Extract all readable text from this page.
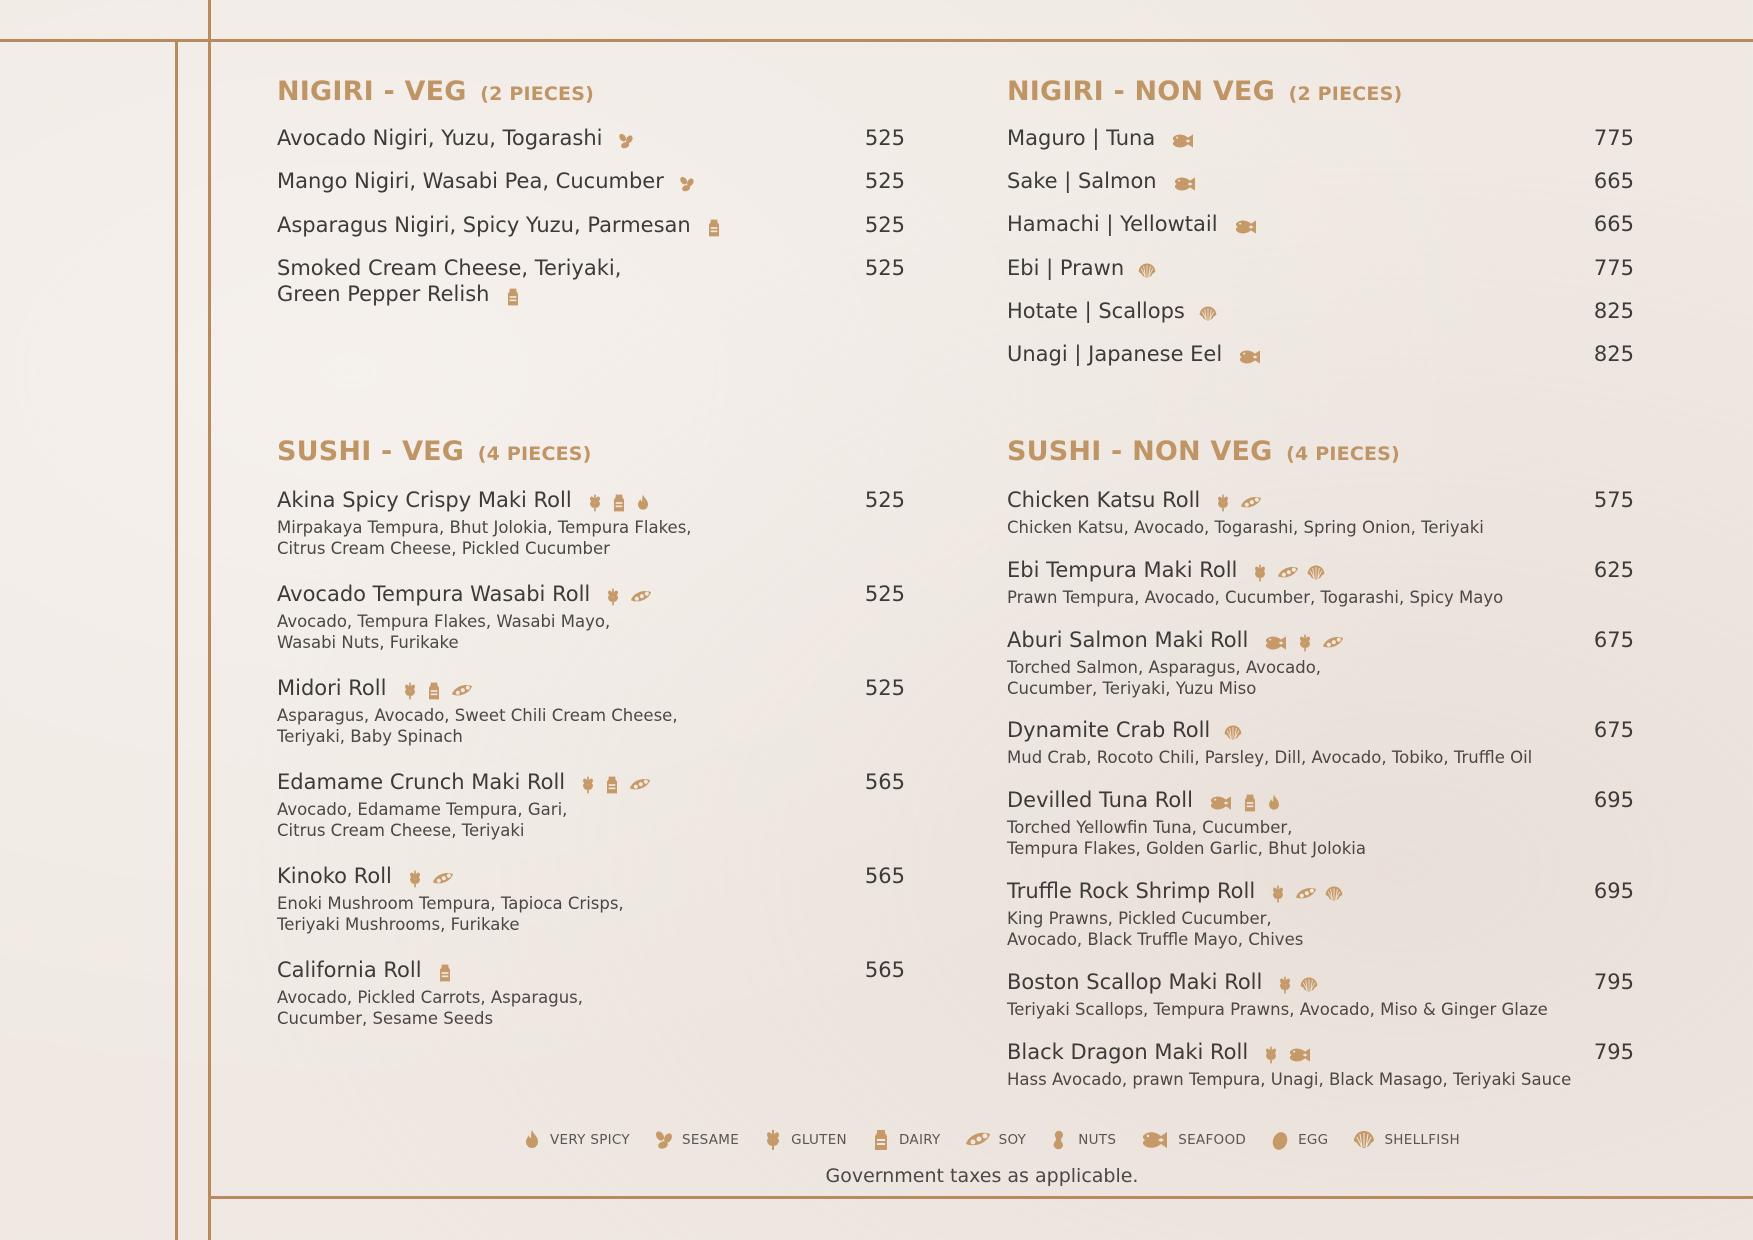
NIGIRI - VEG (2 PIECES)
Avocado Nigiri, Yuzu, Togarashi	525
Mango Nigiri, Wasabi Pea, Cucumber	525
Asparagus Nigiri, Spicy Yuzu, Parmesan	525
Smoked Cream Cheese, Teriyaki,
Green Pepper Relish
525
NIGIRI - NON VEG (2 PIECES)
Maguro | Tuna	775
Sake | Salmon	665
Hamachi | Yellowtail	665
Ebi | Prawn	775
Hotate | Scallops	825
Unagi | Japanese Eel	825
SUSHI - VEG (4 PIECES)
Akina Spicy Crispy Maki Roll
Mirpakaya Tempura, Bhut Jolokia, Tempura Flakes,
Citrus Cream Cheese, Pickled Cucumber
525
Avocado Tempura Wasabi Roll
Avocado, Tempura Flakes, Wasabi Mayo,
Wasabi Nuts, Furikake
525
Midori Roll
Asparagus, Avocado, Sweet Chili Cream Cheese,
Teriyaki, Baby Spinach
525
Edamame Crunch Maki Roll
Avocado, Edamame Tempura, Gari,
Citrus Cream Cheese, Teriyaki
565
Kinoko Roll
Enoki Mushroom Tempura, Tapioca Crisps,
Teriyaki Mushrooms, Furikake
565
California Roll
Avocado, Pickled Carrots, Asparagus,
Cucumber, Sesame Seeds
565
SUSHI - NON VEG (4 PIECES)
Chicken Katsu Roll
Chicken Katsu, Avocado, Togarashi, Spring Onion, Teriyaki
575
Ebi Tempura Maki Roll
Prawn Tempura, Avocado, Cucumber, Togarashi, Spicy Mayo
625
Aburi Salmon Maki Roll
Torched Salmon, Asparagus, Avocado,
Cucumber, Teriyaki, Yuzu Miso
675
Dynamite Crab Roll
Mud Crab, Rocoto Chili, Parsley, Dill, Avocado, Tobiko, Truffle Oil
675
Devilled Tuna Roll
Torched Yellowfin Tuna, Cucumber,
Tempura Flakes, Golden Garlic, Bhut Jolokia
695
Truffle Rock Shrimp Roll
King Prawns, Pickled Cucumber,
Avocado, Black Truffle Mayo, Chives
695
Boston Scallop Maki Roll
Teriyaki Scallops, Tempura Prawns, Avocado, Miso & Ginger Glaze
795
Black Dragon Maki Roll
Hass Avocado, prawn Tempura, Unagi, Black Masago, Teriyaki Sauce
795
VERY SPICY	SESAME	GLUTEN	DAIRY	SOY	NUTS	SEAFOOD	EGG	SHELLFISH
Government taxes as applicable.
